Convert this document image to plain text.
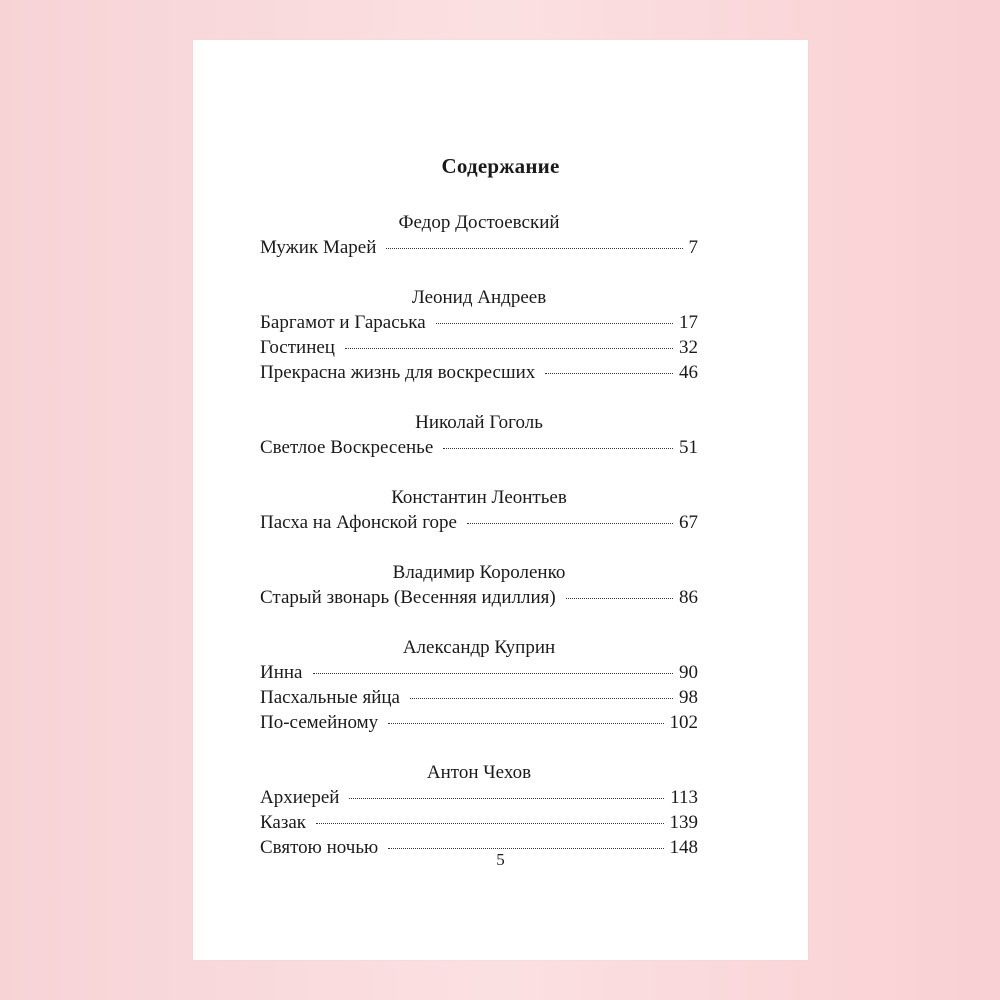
Содержание
Федор Достоевский
Мужик Марей	7
Леонид Андреев
Баргамот и Гараська	17
Гостинец	32
Прекрасна жизнь для воскресших	46
Николай Гоголь
Светлое Воскресенье	51
Константин Леонтьев
Пасха на Афонской горе	67
Владимир Короленко
Старый звонарь (Весенняя идиллия)	86
Александр Куприн
Инна	90
Пасхальные яйца	98
По-семейному	102
Антон Чехов
Архиерей	113
Казак	139
Святою ночью	148
5
